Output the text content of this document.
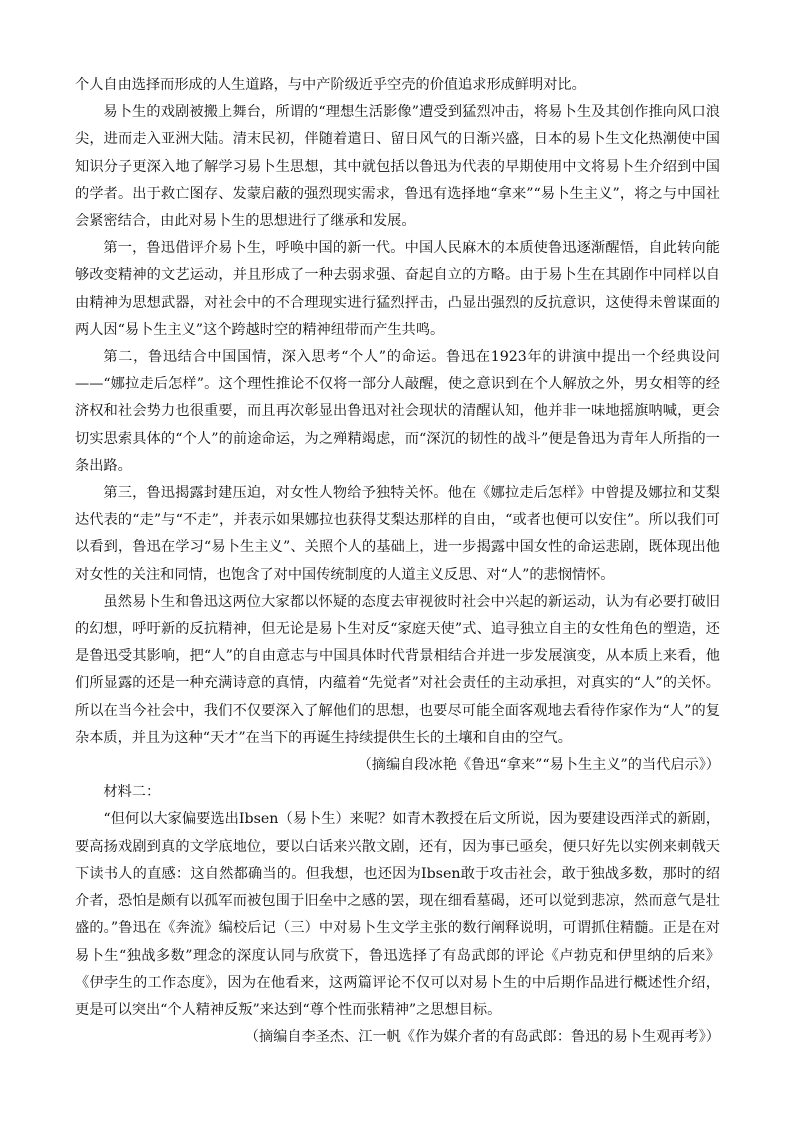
个人自由选择而形成的人生道路，与中产阶级近乎空壳的价值追求形成鲜明对比。

易卜生的戏剧被搬上舞台，所谓的“理想生活影像”遭受到猛烈冲击，将易卜生及其创作推向风口浪尖，进而走入亚洲大陆。清末民初，伴随着遣日、留日风气的日渐兴盛，日本的易卜生文化热潮使中国知识分子更深入地了解学习易卜生思想，其中就包括以鲁迅为代表的早期使用中文将易卜生介绍到中国的学者。出于救亡图存、发蒙启蔽的强烈现实需求，鲁迅有选择地“拿来”“易卜生主义”，将之与中国社会紧密结合，由此对易卜生的思想进行了继承和发展。

第一，鲁迅借评介易卜生，呼唤中国的新一代。中国人民麻木的本质使鲁迅逐渐醒悟，自此转向能够改变精神的文艺运动，并且形成了一种去弱求强、奋起自立的方略。由于易卜生在其剧作中同样以自由精神为思想武器，对社会中的不合理现实进行猛烈抨击，凸显出强烈的反抗意识，这使得未曾谋面的两人因“易卜生主义”这个跨越时空的精神纽带而产生共鸣。

第二，鲁迅结合中国国情，深入思考“个人”的命运。鲁迅在1923年的讲演中提出一个经典设问——“娜拉走后怎样”。这个理性推论不仅将一部分人敲醒，使之意识到在个人解放之外，男女相等的经济权和社会势力也很重要，而且再次彰显出鲁迅对社会现状的清醒认知，他并非一味地摇旗呐喊，更会切实思索具体的“个人”的前途命运，为之殚精竭虑，而“深沉的韧性的战斗”便是鲁迅为青年人所指的一条出路。

第三，鲁迅揭露封建压迫，对女性人物给予独特关怀。他在《娜拉走后怎样》中曾提及娜拉和艾梨达代表的“走”与“不走”，并表示如果娜拉也获得艾梨达那样的自由，“或者也便可以安住”。所以我们可以看到，鲁迅在学习“易卜生主义”、关照个人的基础上，进一步揭露中国女性的命运悲剧，既体现出他对女性的关注和同情，也饱含了对中国传统制度的人道主义反思、对“人”的悲悯情怀。

虽然易卜生和鲁迅这两位大家都以怀疑的态度去审视彼时社会中兴起的新运动，认为有必要打破旧的幻想，呼吁新的反抗精神，但无论是易卜生对反“家庭天使”式、追寻独立自主的女性角色的塑造，还是鲁迅受其影响，把“人”的自由意志与中国具体时代背景相结合并进一步发展演变，从本质上来看，他们所显露的还是一种充满诗意的真情，内蕴着“先觉者”对社会责任的主动承担，对真实的“人”的关怀。所以在当今社会中，我们不仅要深入了解他们的思想，也要尽可能全面客观地去看待作家作为“人”的复杂本质，并且为这种“天才”在当下的再诞生持续提供生长的土壤和自由的空气。

（摘编自段冰艳《鲁迅“拿来”“易卜生主义”的当代启示》）

材料二：

“但何以大家偏要选出Ibsen（易卜生）来呢？如青木教授在后文所说，因为要建设西洋式的新剧，要高扬戏剧到真的文学底地位，要以白话来兴散文剧，还有，因为事已亟矣，便只好先以实例来刺戟天下读书人的直感：这自然都确当的。但我想，也还因为Ibsen敢于攻击社会，敢于独战多数，那时的绍介者，恐怕是颇有以孤军而被包围于旧垒中之感的罢，现在细看墓碣，还可以觉到悲凉，然而意气是壮盛的。”鲁迅在《奔流》编校后记（三）中对易卜生文学主张的数行阐释说明，可谓抓住精髓。正是在对易卜生“独战多数”理念的深度认同与欣赏下，鲁迅选择了有岛武郎的评论《卢勃克和伊里纳的后来》《伊孛生的工作态度》，因为在他看来，这两篇评论不仅可以对易卜生的中后期作品进行概述性介绍，更是可以突出“个人精神反叛”来达到“尊个性而张精神”之思想目标。

（摘编自李圣杰、江一帆《作为媒介者的有岛武郎：鲁迅的易卜生观再考》）
